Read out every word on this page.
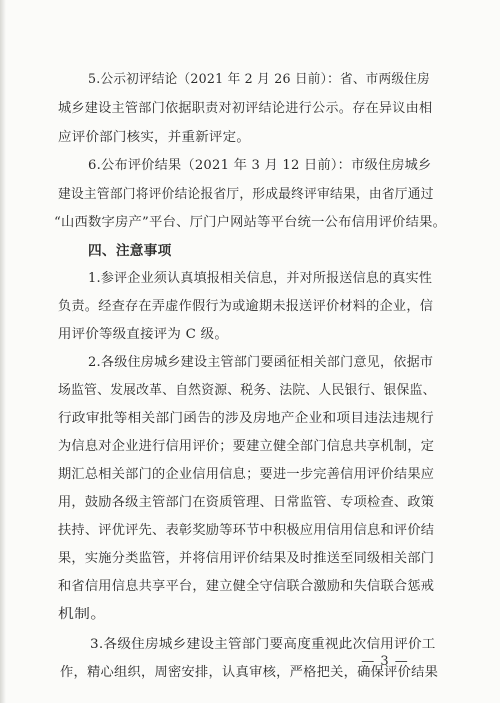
5.公示初评结论（2021 年 2 月 26 日前）：省、市两级住房
城乡建设主管部门依据职责对初评结论进行公示。存在异议由相
应评价部门核实，并重新评定。
6.公布评价结果（2021 年 3 月 12 日前）：市级住房城乡
建设主管部门将评价结论报省厅，形成最终评审结果，由省厅通过
“山西数字房产”平台、厅门户网站等平台统一公布信用评价结果。
四、注意事项
1.参评企业须认真填报相关信息，并对所报送信息的真实性
负责。经查存在弄虚作假行为或逾期未报送评价材料的企业，信
用评价等级直接评为 C 级。
2.各级住房城乡建设主管部门要函征相关部门意见，依据市
场监管、发展改革、自然资源、税务、法院、人民银行、银保监、
行政审批等相关部门函告的涉及房地产企业和项目违法违规行
为信息对企业进行信用评价；要建立健全部门信息共享机制，定
期汇总相关部门的企业信用信息；要进一步完善信用评价结果应
用，鼓励各级主管部门在资质管理、日常监管、专项检查、政策
扶持、评优评先、表彰奖励等环节中积极应用信用信息和评价结
果，实施分类监管，并将信用评价结果及时推送至同级相关部门
和省信用信息共享平台，建立健全守信联合激励和失信联合惩戒
机制。
3.各级住房城乡建设主管部门要高度重视此次信用评价工
作，精心组织，周密安排，认真审核，严格把关，确保评价结果
— 3 —
